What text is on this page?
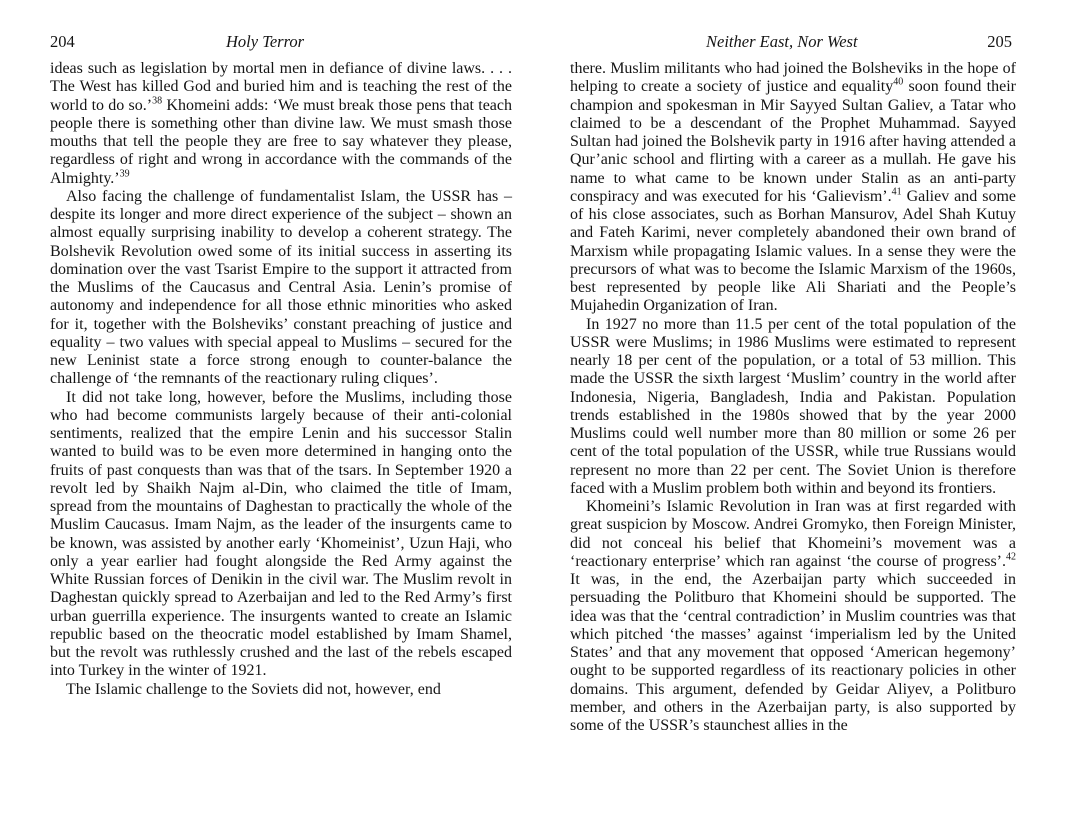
204	Holy Terror

ideas such as legislation by mortal men in defiance of divine laws. . . . The West has killed God and buried him and is teaching the rest of the world to do so.’$^{38}$ Khomeini adds: ‘We must break those pens that teach people there is something other than divine law. We must smash those mouths that tell the people they are free to say whatever they please, regardless of right and wrong in accordance with the commands of the Almighty.’$^{39}$

Also facing the challenge of fundamentalist Islam, the USSR has – despite its longer and more direct experience of the subject – shown an almost equally surprising inability to develop a coherent strategy. The Bolshevik Revolution owed some of its initial success in asserting its domination over the vast Tsarist Empire to the support it attracted from the Muslims of the Caucasus and Central Asia. Lenin’s promise of autonomy and independence for all those ethnic minorities who asked for it, together with the Bolsheviks’ constant preaching of justice and equality – two values with special appeal to Muslims – secured for the new Leninist state a force strong enough to counter-balance the challenge of ‘the remnants of the reactionary ruling cliques’.

It did not take long, however, before the Muslims, including those who had become communists largely because of their anti-colonial sentiments, realized that the empire Lenin and his successor Stalin wanted to build was to be even more determined in hanging onto the fruits of past conquests than was that of the tsars. In September 1920 a revolt led by Shaikh Najm al-Din, who claimed the title of Imam, spread from the mountains of Daghestan to practically the whole of the Muslim Caucasus. Imam Najm, as the leader of the insurgents came to be known, was assisted by another early ‘Khomeinist’, Uzun Haji, who only a year earlier had fought alongside the Red Army against the White Russian forces of Denikin in the civil war. The Muslim revolt in Daghestan quickly spread to Azerbaijan and led to the Red Army’s first urban guerrilla experience. The insurgents wanted to create an Islamic republic based on the theocratic model established by Imam Shamel, but the revolt was ruthlessly crushed and the last of the rebels escaped into Turkey in the winter of 1921.

The Islamic challenge to the Soviets did not, however, end

Neither East, Nor West	205

there. Muslim militants who had joined the Bolsheviks in the hope of helping to create a society of justice and equality$^{40}$ soon found their champion and spokesman in Mir Sayyed Sultan Galiev, a Tatar who claimed to be a descendant of the Prophet Muhammad. Sayyed Sultan had joined the Bolshevik party in 1916 after having attended a Qur’anic school and flirting with a career as a mullah. He gave his name to what came to be known under Stalin as an anti-party conspiracy and was executed for his ‘Galievism’.$^{41}$ Galiev and some of his close associates, such as Borhan Mansurov, Adel Shah Kutuy and Fateh Karimi, never completely abandoned their own brand of Marxism while propagating Islamic values. In a sense they were the precursors of what was to become the Islamic Marxism of the 1960s, best represented by people like Ali Shariati and the People’s Mujahedin Organization of Iran.

In 1927 no more than 11.5 per cent of the total population of the USSR were Muslims; in 1986 Muslims were estimated to represent nearly 18 per cent of the population, or a total of 53 million. This made the USSR the sixth largest ‘Muslim’ country in the world after Indonesia, Nigeria, Bangladesh, India and Pakistan. Population trends established in the 1980s showed that by the year 2000 Muslims could well number more than 80 million or some 26 per cent of the total population of the USSR, while true Russians would represent no more than 22 per cent. The Soviet Union is therefore faced with a Muslim problem both within and beyond its frontiers.

Khomeini’s Islamic Revolution in Iran was at first regarded with great suspicion by Moscow. Andrei Gromyko, then Foreign Minister, did not conceal his belief that Khomeini’s movement was a ‘reactionary enterprise’ which ran against ‘the course of progress’.$^{42}$ It was, in the end, the Azerbaijan party which succeeded in persuading the Politburo that Khomeini should be supported. The idea was that the ‘central contradiction’ in Muslim countries was that which pitched ‘the masses’ against ‘imperialism led by the United States’ and that any movement that opposed ‘American hegemony’ ought to be supported regardless of its reactionary policies in other domains. This argument, defended by Geidar Aliyev, a Politburo member, and others in the Azerbaijan party, is also supported by some of the USSR’s staunchest allies in the
